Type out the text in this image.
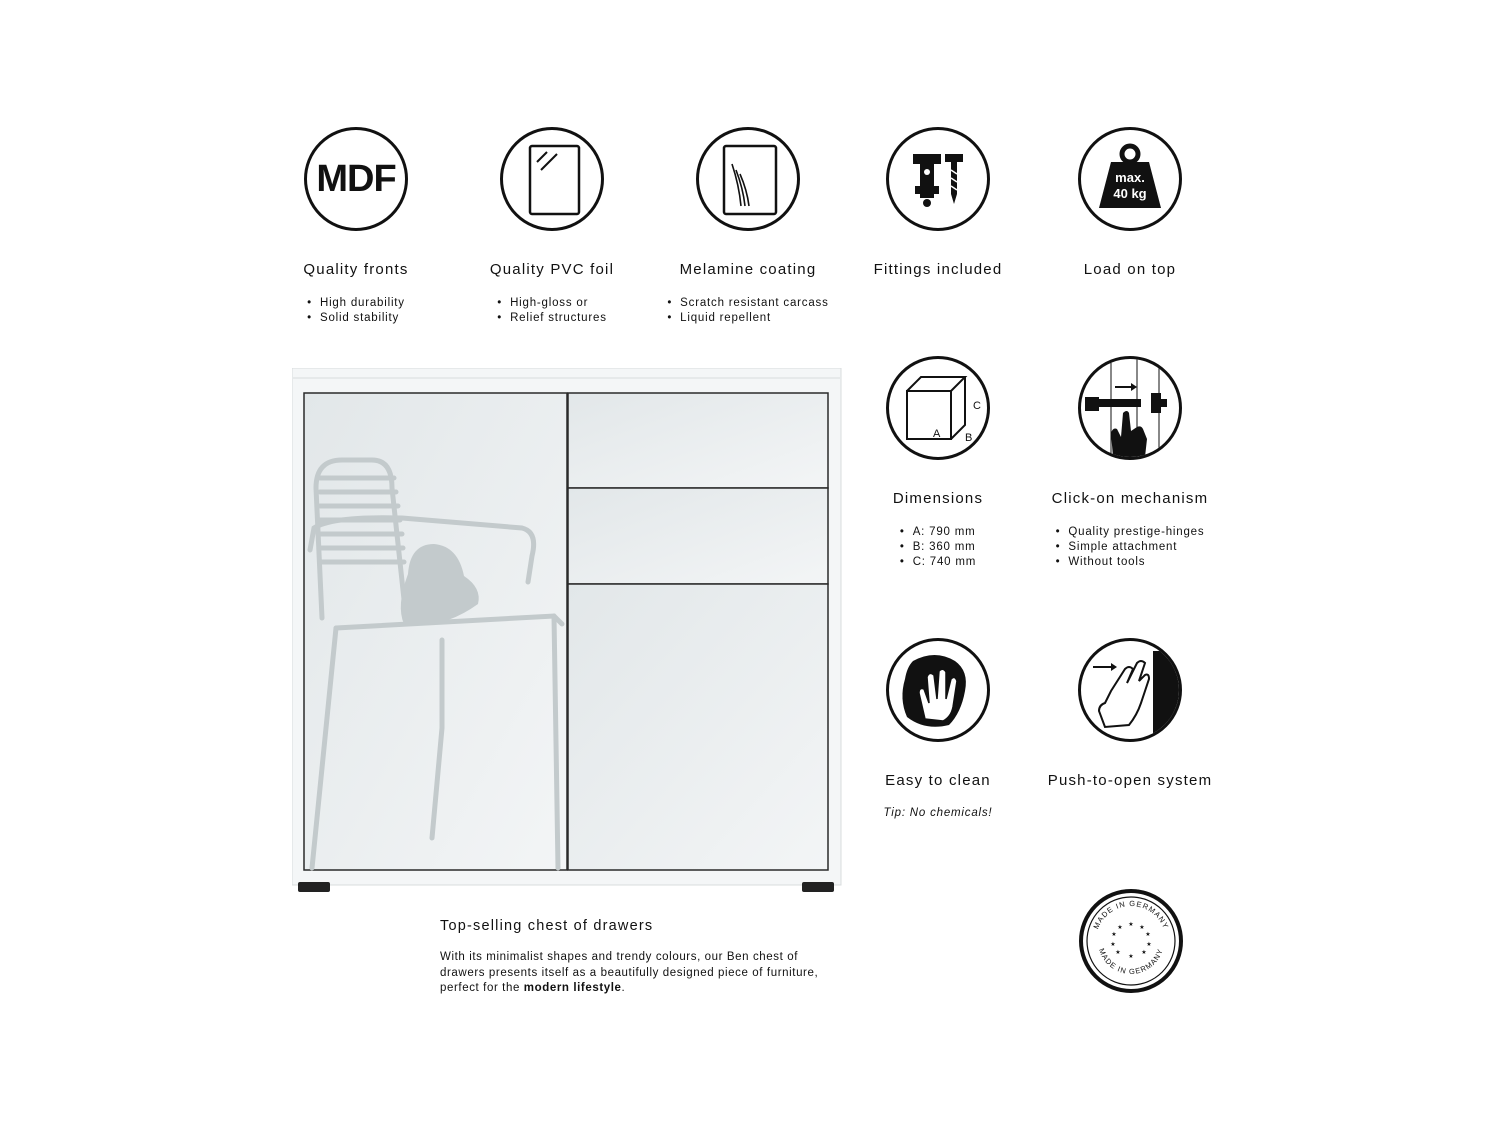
MDF
Quality fronts
• High durability
• Solid stability
Quality PVC foil
• High-gloss or
• Relief structures
Melamine coating
• Scratch resistant carcass
• Liquid repellent
Fittings included
max.
40 kg
Load on top
A B
C
Dimensions
• A: 790 mm
• B: 360 mm
• C: 740 mm
Click-on mechanism
• Quality prestige-hinges
• Simple attachment
• Without tools
Easy to clean
Tip: No chemicals!
Push-to-open system
MADE IN GERMANY
MADE IN GERMANY
★ ★
★
★
★
★
★
★
★
★
Top-selling chest of drawers
With its minimalist shapes and trendy colours, our Ben chest of
drawers presents itself as a beautifully designed piece of furniture,
perfect for the modern lifestyle.
